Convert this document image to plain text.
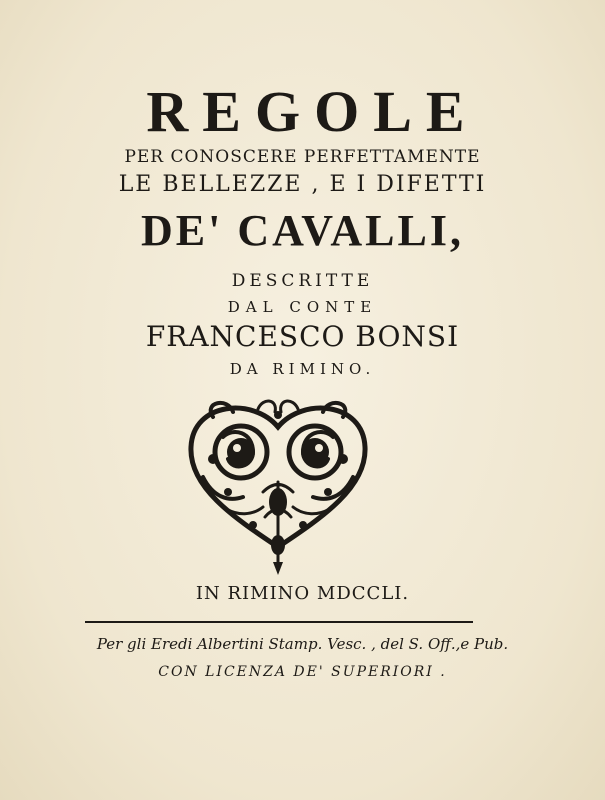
REGOLE
PER CONOSCERE PERFETTAMENTE
LE BELLEZZE , E I DIFETTI
DE' CAVALLI,
DESCRITTE
DAL CONTE
FRANCESCO BONSI
DA RIMINO.
IN RIMINO MDCCLI.
Per gli Eredi Albertini Stamp. Vesc. , del S. Off.,e Pub.
CON LICENZA DE' SUPERIORI .
